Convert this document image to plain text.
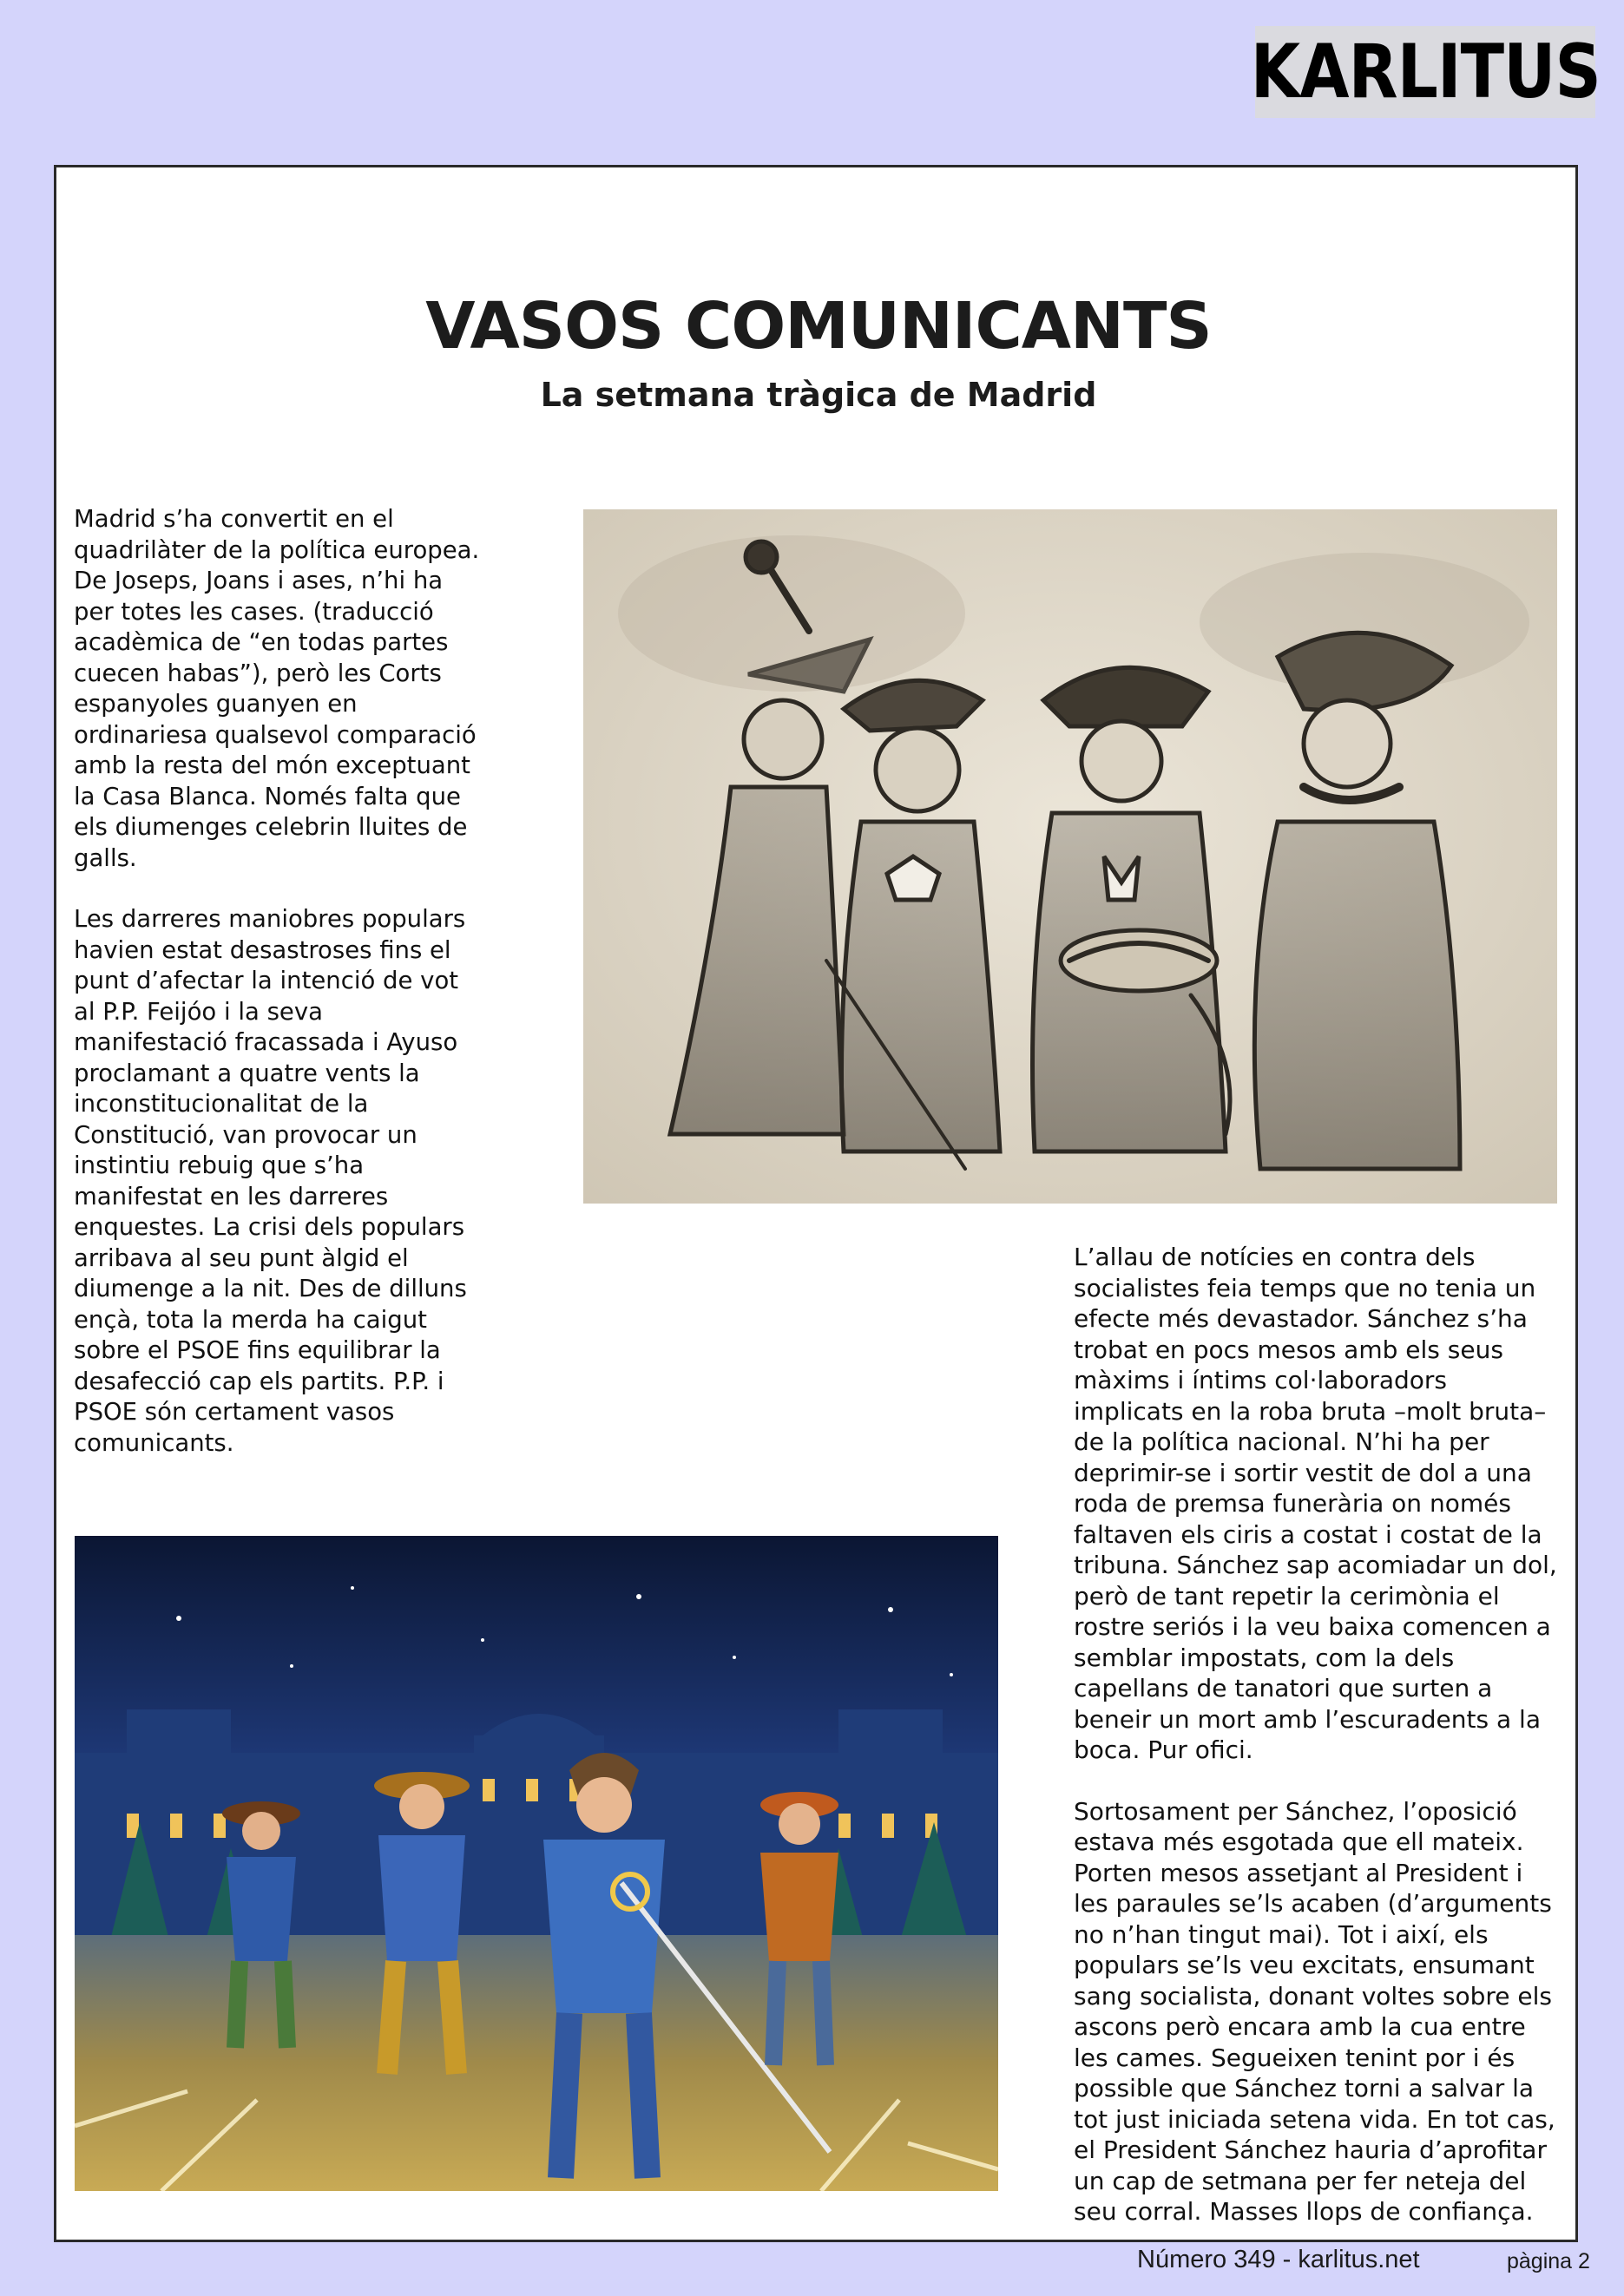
KARLITUS
VASOS COMUNICANTS
La setmana tràgica de Madrid

Madrid s’ha convertit en el quadrilàter de la política europea. De Joseps, Joans i ases, n’hi ha per totes les cases. (traducció acadèmica de “en todas partes cuecen habas”), però les Corts espanyoles guanyen en ordinariesa qualsevol comparació amb la resta del món exceptuant la Casa Blanca. Només falta que els diumenges celebrin lluites de galls.

Les darreres maniobres populars havien estat desastroses fins el punt d’afectar la intenció de vot al P.P. Feijóo i la seva manifestació fracassada i Ayuso proclamant a quatre vents la inconstitucionalitat de la Constitució, van provocar un instintiu rebuig que s’ha manifestat en les darreres enquestes. La crisi dels populars arribava al seu punt àlgid el diumenge a la nit. Des de dilluns ençà, tota la merda ha caigut sobre el PSOE fins equilibrar la desafecció cap els partits. P.P. i PSOE són certament vasos comunicants.

L’allau de notícies en contra dels socialistes feia temps que no tenia un efecte més devastador. Sánchez s’ha trobat en pocs mesos amb els seus màxims i íntims col·laboradors implicats en la roba bruta –molt bruta– de la política nacional. N’hi ha per deprimir-se i sortir vestit de dol a una roda de premsa funerària on només faltaven els ciris a costat i costat de la tribuna. Sánchez sap acomiadar un dol, però de tant repetir la cerimònia el rostre seriós i la veu baixa comencen a semblar impostats, com la dels capellans de tanatori que surten a beneir un mort amb l’escuradents a la boca. Pur ofici.

Sortosament per Sánchez, l’oposició estava més esgotada que ell mateix. Porten mesos assetjant al President i les paraules se’ls acaben (d’arguments no n’han tingut mai). Tot i així, els populars se’ls veu excitats, ensumant sang socialista, donant voltes sobre els ascons però encara amb la cua entre les cames. Segueixen tenint por i és possible que Sánchez torni a salvar la tot just iniciada setena vida. En tot cas, el President Sánchez hauria d’aprofitar un cap de setmana per fer neteja del seu corral. Masses llops de confiança.

Número 349 - karlitus.net	pàgina 2
